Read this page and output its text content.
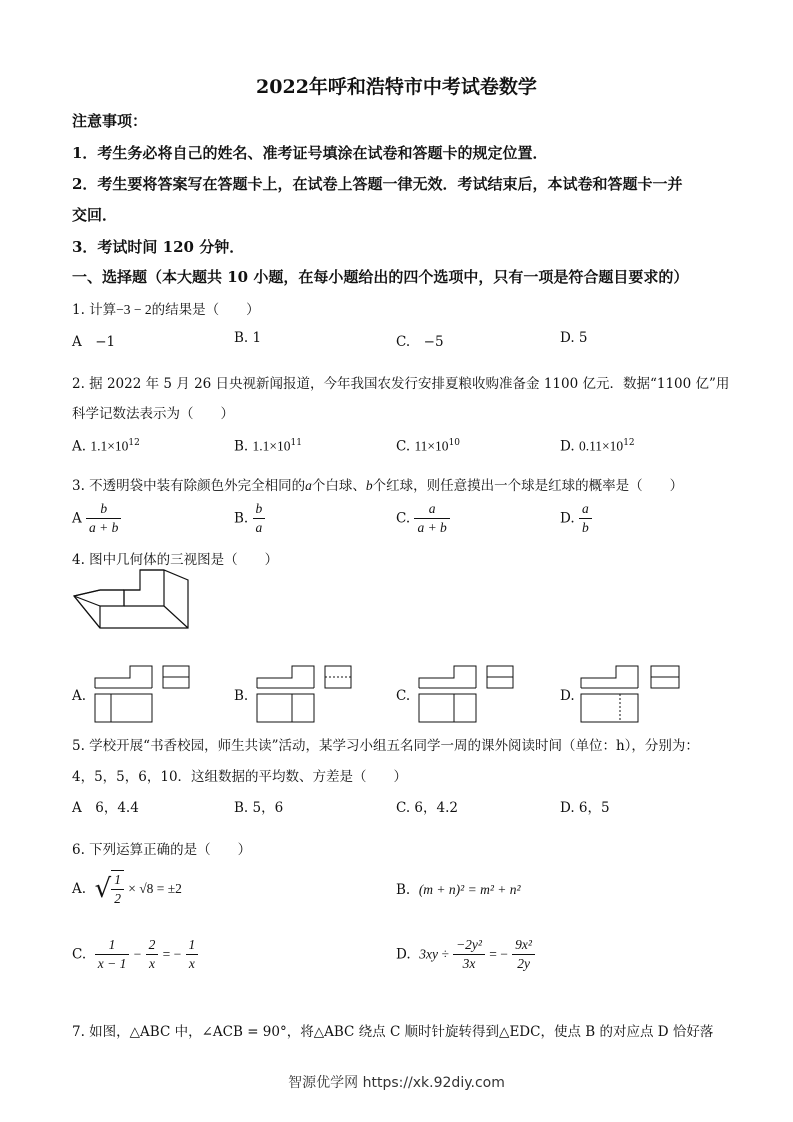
2022年呼和浩特市中考试卷数学
注意事项：
1．考生务必将自己的姓名、准考证号填涂在试卷和答题卡的规定位置．
2．考生要将答案写在答题卡上，在试卷上答题一律无效．考试结束后，本试卷和答题卡一并
交回．
3．考试时间 120 分钟．
一、选择题（本大题共 10 小题，在每小题给出的四个选项中，只有一项是符合题目要求的）
1. 计算−3 − 2的结果是（　　）
A　−1	B. 1	C.　−5	D. 5
2. 据 2022 年 5 月 26 日央视新闻报道，今年我国农发行安排夏粮收购准备金 1100 亿元．数据“1100 亿”用
科学记数法表示为（　　）
A. $1.1\times 10^{12}$	B. $1.1\times 10^{11}$	C. $11\times 10^{10}$	D. $0.11\times 10^{12}$
3. 不透明袋中装有除颜色外完全相同的a个白球、b个红球，则任意摸出一个球是红球的概率是（　　）
A $\frac{b}{a + b}$	B. $\frac{b}{a}$	C. $\frac{a}{a + b}$	D. $\frac{a}{b}$
4. 图中几何体的三视图是（　　）
A.	B.	C.	D.
5. 学校开展“书香校园，师生共读”活动，某学习小组五名同学一周的课外阅读时间（单位：h），分别为：
4，5，5，6，10．这组数据的平均数、方差是（　　）
A　6，4.4	B. 5，6	C. 6，4.2	D. 6，5
6. 下列运算正确的是（　　）
A. √ $\frac{1}{2} \times √8 = \pm 2$	B. (m + n)² = m² + n²
C. $\frac{1}{x - 1} - \frac{2}{x}$ = − $\frac{1}{x}$	D. $3xy \div \frac{\text{−2y²}}{3x}$ = − $\frac{\text{9x²}}{2y}$
7. 如图，△ABC 中，∠ACB = 90°，将△ABC 绕点 C 顺时针旋转得到△EDC，使点 B 的对应点 D 恰好落
智源优学网 https://xk.92diy.com
